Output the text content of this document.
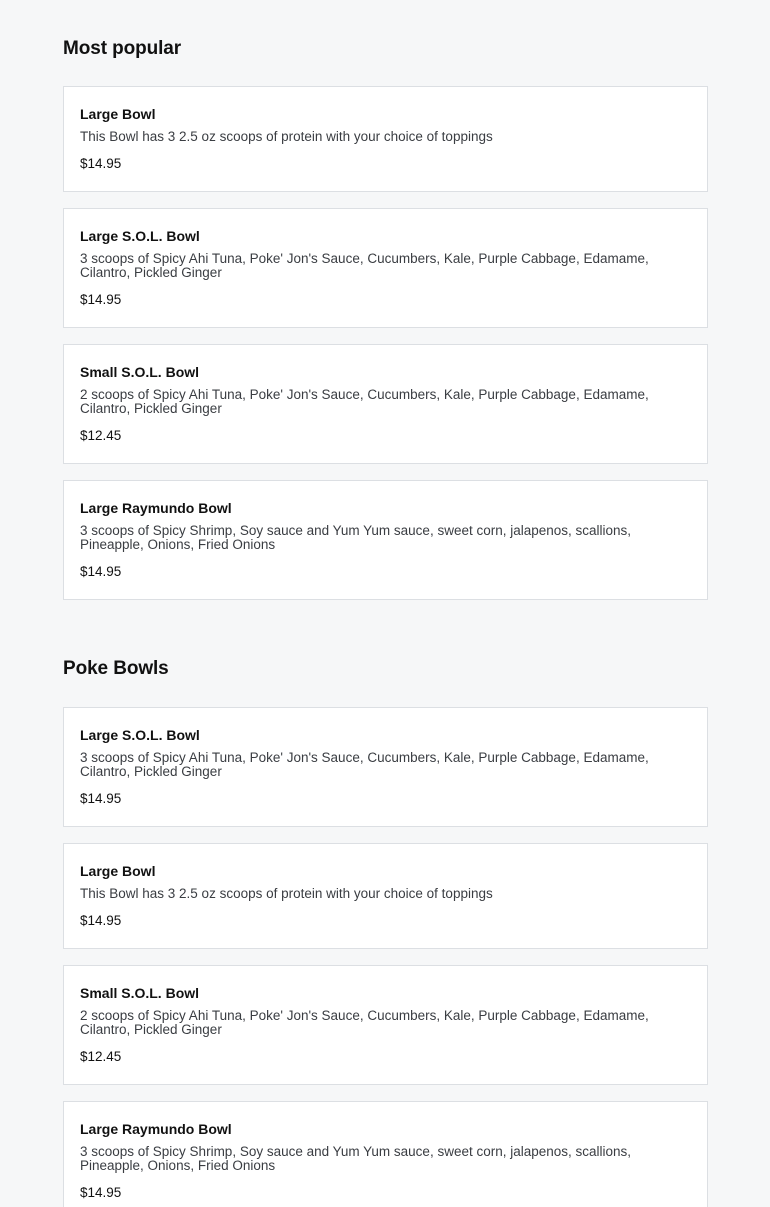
Most popular
Large Bowl
This Bowl has 3 2.5 oz scoops of protein with your choice of toppings
$14.95
Large S.O.L. Bowl
3 scoops of Spicy Ahi Tuna, Poke' Jon's Sauce, Cucumbers, Kale, Purple Cabbage, Edamame, Cilantro, Pickled Ginger
$14.95
Small S.O.L. Bowl
2 scoops of Spicy Ahi Tuna, Poke' Jon's Sauce, Cucumbers, Kale, Purple Cabbage, Edamame, Cilantro, Pickled Ginger
$12.45
Large Raymundo Bowl
3 scoops of Spicy Shrimp, Soy sauce and Yum Yum sauce, sweet corn, jalapenos, scallions, Pineapple, Onions, Fried Onions
$14.95
Poke Bowls
Large S.O.L. Bowl
3 scoops of Spicy Ahi Tuna, Poke' Jon's Sauce, Cucumbers, Kale, Purple Cabbage, Edamame, Cilantro, Pickled Ginger
$14.95
Large Bowl
This Bowl has 3 2.5 oz scoops of protein with your choice of toppings
$14.95
Small S.O.L. Bowl
2 scoops of Spicy Ahi Tuna, Poke' Jon's Sauce, Cucumbers, Kale, Purple Cabbage, Edamame, Cilantro, Pickled Ginger
$12.45
Large Raymundo Bowl
3 scoops of Spicy Shrimp, Soy sauce and Yum Yum sauce, sweet corn, jalapenos, scallions, Pineapple, Onions, Fried Onions
$14.95
